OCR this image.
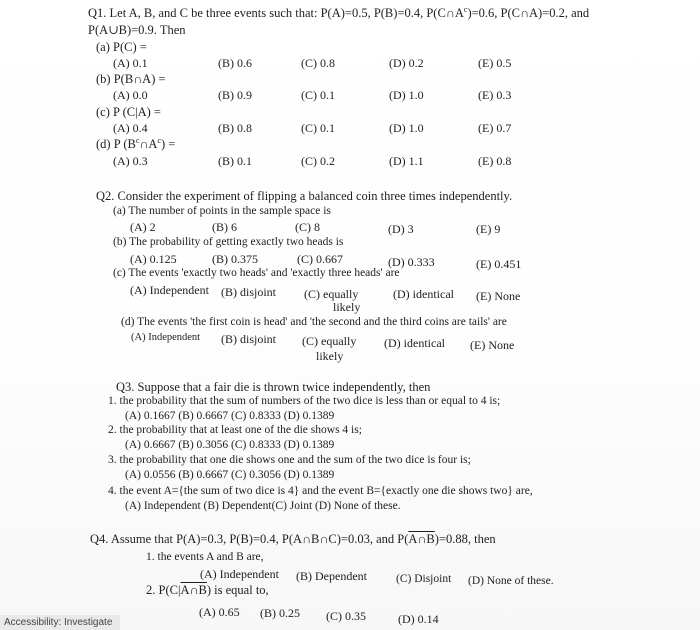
Q1. Let A, B, and C be three events such that: P(A)=0.5, P(B)=0.4, $P(C\cap A^c)=0.6$, P(C∩A)=0.2, and
P(A∪B)=0.9. Then
(a) P(C) =
(A) 0.1	(B) 0.6	(C) 0.8	(D) 0.2	(E) 0.5
(b) P(B∩A) =
(A) 0.0	(B) 0.9	(C) 0.1	(D) 1.0	(E) 0.3
(c) P (C|A) =
(A) 0.4	(B) 0.8	(C) 0.1	(D) 1.0	(E) 0.7
(d) P $(B^c\cap A^c)$ =
(A) 0.3	(B) 0.1	(C) 0.2	(D) 1.1	(E) 0.8
Q2. Consider the experiment of flipping a balanced coin three times independently.
(a) The number of points in the sample space is
(A) 2	(B) 6	(C) 8	(D) 3	(E) 9
(b) The probability of getting exactly two heads is
(A) 0.125	(B) 0.375	(C) 0.667	(D) 0.333	(E) 0.451
(c) The events 'exactly two heads' and 'exactly three heads' are
(A) Independent (B) disjoint (C) equally	(D) identical (E) None
likely
(d) The events 'the first coin is head' and 'the second and the third coins are tails' are
(A) Independent (B) disjoint (C) equally (D) identical (E) None
likely
Q3. Suppose that a fair die is thrown twice independently, then
1. the probability that the sum of numbers of the two dice is less than or equal to 4 is;
(A) 0.1667 (B) 0.6667 (C) 0.8333 (D) 0.1389
2. the probability that at least one of the die shows 4 is;
(A) 0.6667 (B) 0.3056 (C) 0.8333 (D) 0.1389
3. the probability that one die shows one and the sum of the two dice is four is;
(A) 0.0556 (B) 0.6667 (C) 0.3056 (D) 0.1389
4. the event A={the sum of two dice is 4} and the event B={exactly one die shows two} are,
(A) Independent (B) Dependent(C) Joint (D) None of these.
Q4. Assume that P(A)=0.3, P(B)=0.4, P(A∩B∩C)=0.03, and P(A∩B)=0.88, then
1. the events A and B are,
(A) Independent (B) Dependent	(C) Disjoint (D) None of these.
2. P(C|A∩B) is equal to,
(A) 0.65 (B) 0.25 (C) 0.35	(D) 0.14
Accessibility: Investigate
